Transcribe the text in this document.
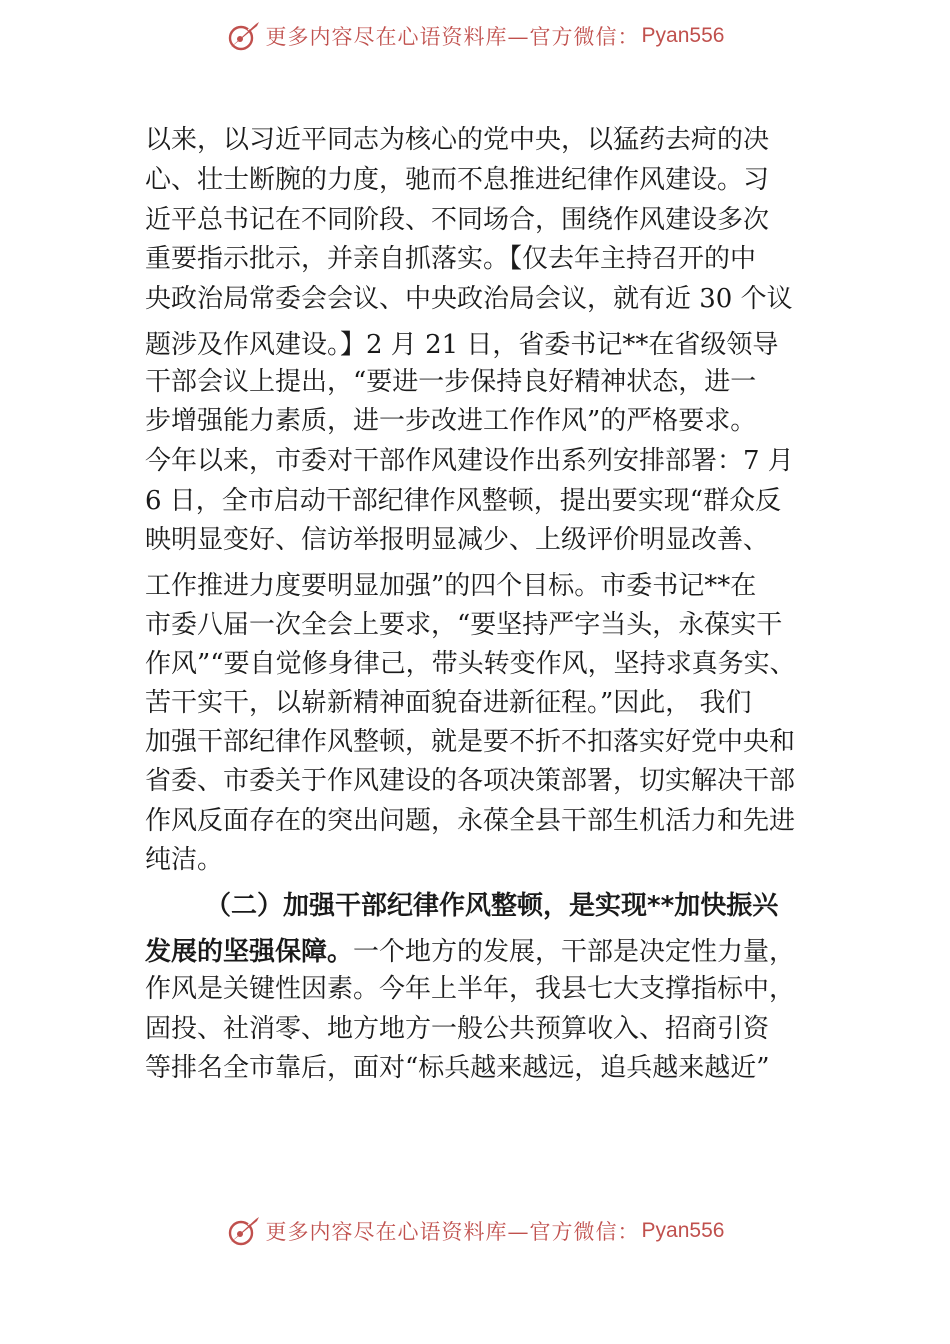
更多内容尽在心语资料库—官方微信： Pyan556
以来，以习近平同志为核心的党中央，以猛药去疴的决
心、壮士断腕的力度，驰而不息推进纪律作风建设。习
近平总书记在不同阶段、不同场合，围绕作风建设多次
重要指示批示，并亲自抓落实。【仅去年主持召开的中
央政治局常委会会议、中央政治局会议，就有近 30 个议
题涉及作风建设。】2 月 21 日，省委书记**在省级领导
干部会议上提出，“要进一步保持良好精神状态，进一
步增强能力素质，进一步改进工作作风”的严格要求。
今年以来，市委对干部作风建设作出系列安排部署：7 月
6 日，全市启动干部纪律作风整顿，提出要实现“群众反
映明显变好、信访举报明显减少、上级评价明显改善、
工作推进力度要明显加强”的四个目标。市委书记**在
市委八届一次全会上要求，“要坚持严字当头，永葆实干
作风”“要自觉修身律己，带头转变作风，坚持求真务实、
苦干实干，以崭新精神面貌奋进新征程。”因此， 我们
加强干部纪律作风整顿，就是要不折不扣落实好党中央和
省委、市委关于作风建设的各项决策部署，切实解决干部
作风反面存在的突出问题，永葆全县干部生机活力和先进
纯洁。
（二）加强干部纪律作风整顿，是实现**加快振兴
发展的坚强保障。一个地方的发展，干部是决定性力量，
作风是关键性因素。今年上半年，我县七大支撑指标中，
固投、社消零、地方地方一般公共预算收入、招商引资
等排名全市靠后，面对“标兵越来越远，追兵越来越近”
更多内容尽在心语资料库—官方微信： Pyan556
